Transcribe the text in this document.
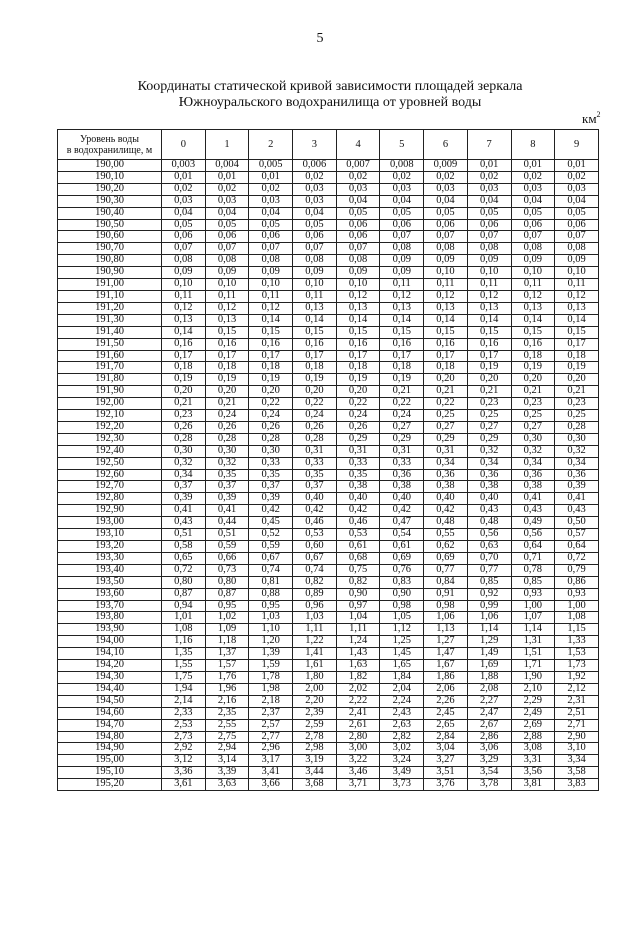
5
Координаты статической кривой зависимости площадей зеркала
Южноуральского водохранилища от уровней воды
$км^2$
Уровень воды
в водохранилище, м	0	1	2	3	4	5	6	7	8	9
190,00	0,003	0,004	0,005	0,006	0,007	0,008	0,009	0,01	0,01	0,01
190,10	0,01	0,01	0,01	0,02	0,02	0,02	0,02	0,02	0,02	0,02
190,20	0,02	0,02	0,02	0,03	0,03	0,03	0,03	0,03	0,03	0,03
190,30	0,03	0,03	0,03	0,03	0,04	0,04	0,04	0,04	0,04	0,04
190,40	0,04	0,04	0,04	0,04	0,05	0,05	0,05	0,05	0,05	0,05
190,50	0,05	0,05	0,05	0,05	0,06	0,06	0,06	0,06	0,06	0,06
190,60	0,06	0,06	0,06	0,06	0,06	0,07	0,07	0,07	0,07	0,07
190,70	0,07	0,07	0,07	0,07	0,07	0,08	0,08	0,08	0,08	0,08
190,80	0,08	0,08	0,08	0,08	0,08	0,09	0,09	0,09	0,09	0,09
190,90	0,09	0,09	0,09	0,09	0,09	0,09	0,10	0,10	0,10	0,10
191,00	0,10	0,10	0,10	0,10	0,10	0,11	0,11	0,11	0,11	0,11
191,10	0,11	0,11	0,11	0,11	0,12	0,12	0,12	0,12	0,12	0,12
191,20	0,12	0,12	0,12	0,13	0,13	0,13	0,13	0,13	0,13	0,13
191,30	0,13	0,13	0,14	0,14	0,14	0,14	0,14	0,14	0,14	0,14
191,40	0,14	0,15	0,15	0,15	0,15	0,15	0,15	0,15	0,15	0,15
191,50	0,16	0,16	0,16	0,16	0,16	0,16	0,16	0,16	0,16	0,17
191,60	0,17	0,17	0,17	0,17	0,17	0,17	0,17	0,17	0,18	0,18
191,70	0,18	0,18	0,18	0,18	0,18	0,18	0,18	0,19	0,19	0,19
191,80	0,19	0,19	0,19	0,19	0,19	0,19	0,20	0,20	0,20	0,20
191,90	0,20	0,20	0,20	0,20	0,20	0,21	0,21	0,21	0,21	0,21
192,00	0,21	0,21	0,22	0,22	0,22	0,22	0,22	0,23	0,23	0,23
192,10	0,23	0,24	0,24	0,24	0,24	0,24	0,25	0,25	0,25	0,25
192,20	0,26	0,26	0,26	0,26	0,26	0,27	0,27	0,27	0,27	0,28
192,30	0,28	0,28	0,28	0,28	0,29	0,29	0,29	0,29	0,30	0,30
192,40	0,30	0,30	0,30	0,31	0,31	0,31	0,31	0,32	0,32	0,32
192,50	0,32	0,32	0,33	0,33	0,33	0,33	0,34	0,34	0,34	0,34
192,60	0,34	0,35	0,35	0,35	0,35	0,36	0,36	0,36	0,36	0,36
192,70	0,37	0,37	0,37	0,37	0,38	0,38	0,38	0,38	0,38	0,39
192,80	0,39	0,39	0,39	0,40	0,40	0,40	0,40	0,40	0,41	0,41
192,90	0,41	0,41	0,42	0,42	0,42	0,42	0,42	0,43	0,43	0,43
193,00	0,43	0,44	0,45	0,46	0,46	0,47	0,48	0,48	0,49	0,50
193,10	0,51	0,51	0,52	0,53	0,53	0,54	0,55	0,56	0,56	0,57
193,20	0,58	0,59	0,59	0,60	0,61	0,61	0,62	0,63	0,64	0,64
193,30	0,65	0,66	0,67	0,67	0,68	0,69	0,69	0,70	0,71	0,72
193,40	0,72	0,73	0,74	0,74	0,75	0,76	0,77	0,77	0,78	0,79
193,50	0,80	0,80	0,81	0,82	0,82	0,83	0,84	0,85	0,85	0,86
193,60	0,87	0,87	0,88	0,89	0,90	0,90	0,91	0,92	0,93	0,93
193,70	0,94	0,95	0,95	0,96	0,97	0,98	0,98	0,99	1,00	1,00
193,80	1,01	1,02	1,03	1,03	1,04	1,05	1,06	1,06	1,07	1,08
193,90	1,08	1,09	1,10	1,11	1,11	1,12	1,13	1,14	1,14	1,15
194,00	1,16	1,18	1,20	1,22	1,24	1,25	1,27	1,29	1,31	1,33
194,10	1,35	1,37	1,39	1,41	1,43	1,45	1,47	1,49	1,51	1,53
194,20	1,55	1,57	1,59	1,61	1,63	1,65	1,67	1,69	1,71	1,73
194,30	1,75	1,76	1,78	1,80	1,82	1,84	1,86	1,88	1,90	1,92
194,40	1,94	1,96	1,98	2,00	2,02	2,04	2,06	2,08	2,10	2,12
194,50	2,14	2,16	2,18	2,20	2,22	2,24	2,26	2,27	2,29	2,31
194,60	2,33	2,35	2,37	2,39	2,41	2,43	2,45	2,47	2,49	2,51
194,70	2,53	2,55	2,57	2,59	2,61	2,63	2,65	2,67	2,69	2,71
194,80	2,73	2,75	2,77	2,78	2,80	2,82	2,84	2,86	2,88	2,90
194,90	2,92	2,94	2,96	2,98	3,00	3,02	3,04	3,06	3,08	3,10
195,00	3,12	3,14	3,17	3,19	3,22	3,24	3,27	3,29	3,31	3,34
195,10	3,36	3,39	3,41	3,44	3,46	3,49	3,51	3,54	3,56	3,58
195,20	3,61	3,63	3,66	3,68	3,71	3,73	3,76	3,78	3,81	3,83
